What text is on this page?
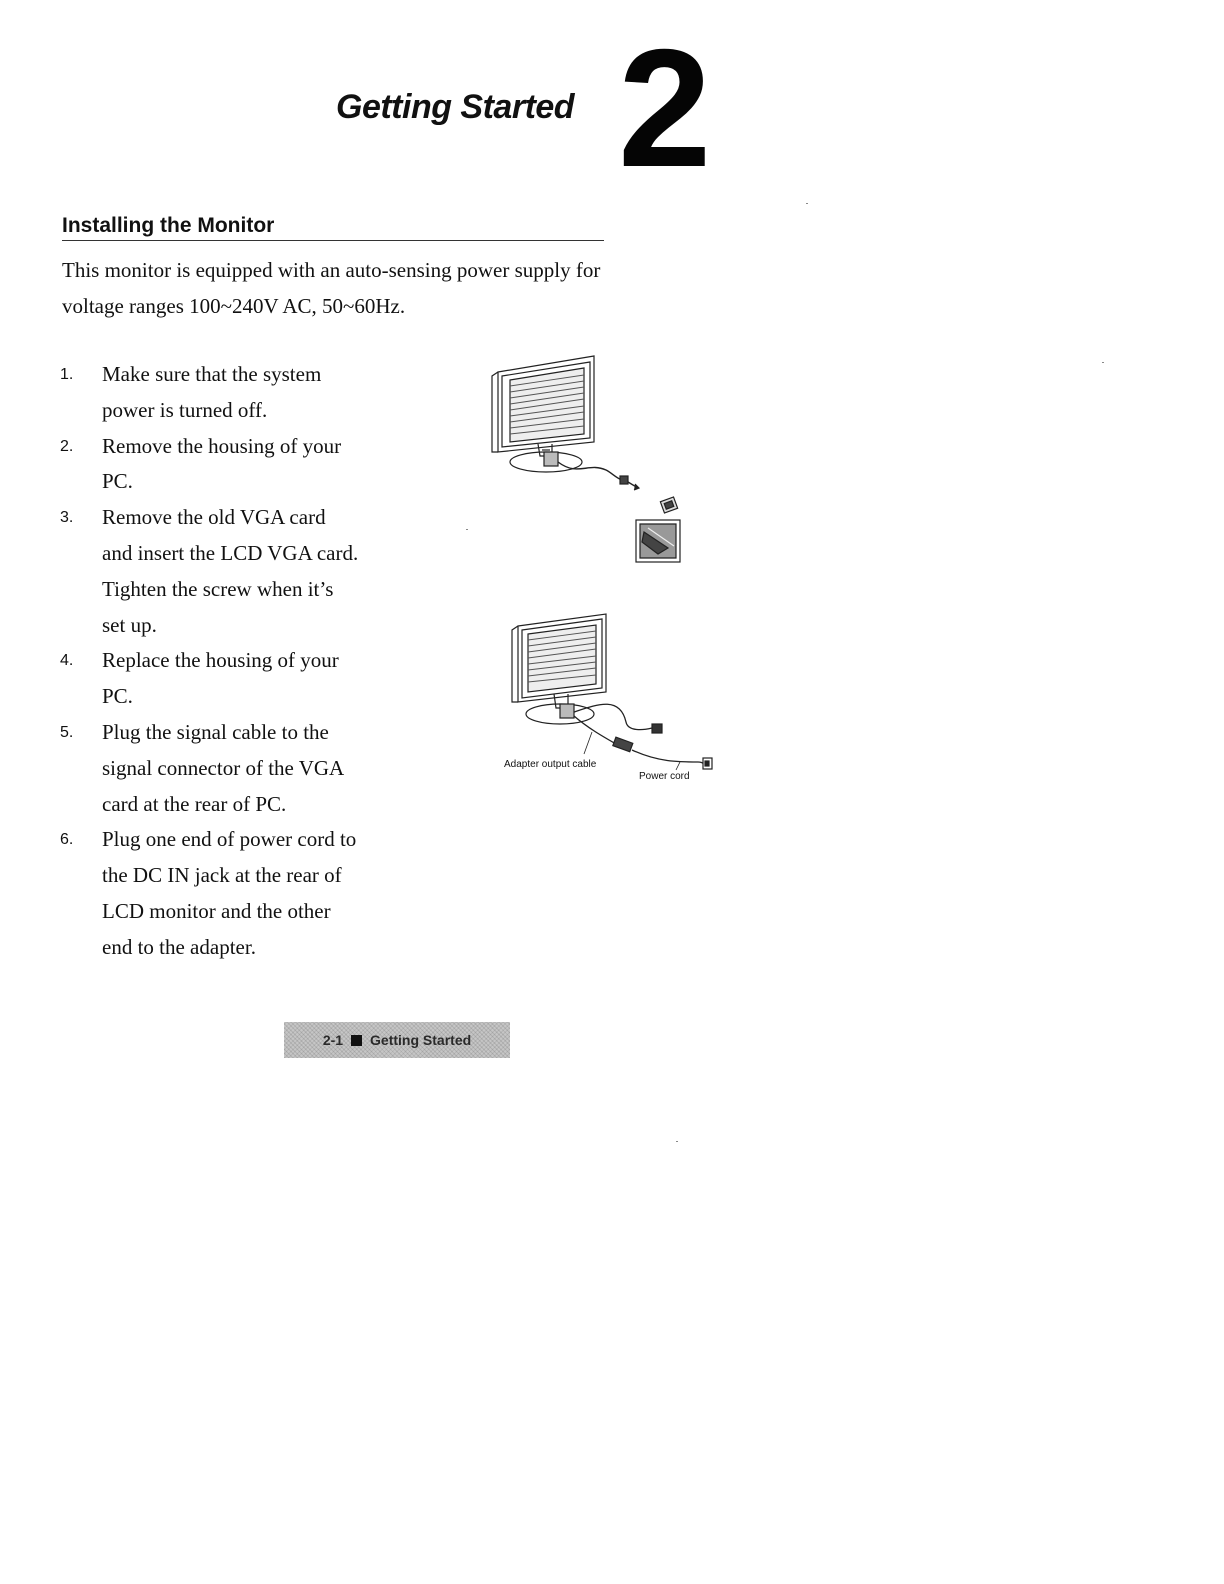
Getting Started 2
Installing the Monitor
This monitor is equipped with an auto-sensing power supply for
voltage ranges 100~240V AC, 50~60Hz.
1. Make sure that the system
power is turned off.
2. Remove the housing of your
PC.
3. Remove the old VGA card
and insert the LCD VGA card.
Tighten the screw when it’s
set up.
4. Replace the housing of your
PC.
5. Plug the signal cable to the
signal connector of the VGA
card at the rear of PC.
6. Plug one end of power cord to
the DC IN jack at the rear of
LCD monitor and the other
end to the adapter.
Adapter output cable
Power cord
2-1 Getting Started
